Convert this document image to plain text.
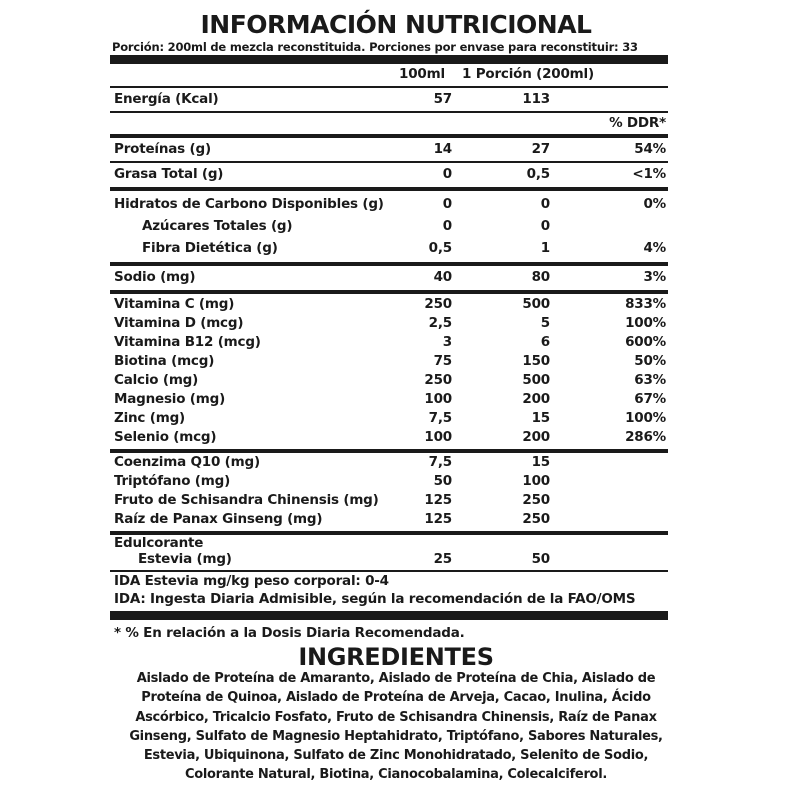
INFORMACIÓN NUTRICIONAL
Porción: 200ml de mezcla reconstituida. Porciones por envase para reconstituir: 33
100ml 1 Porción (200ml)
Energía (Kcal)	57	113
% DDR*
Proteínas (g)	14	27	54%
Grasa Total (g)	0	0,5	<1%
Hidratos de Carbono Disponibles (g)	0	0	0%
Azúcares Totales (g)	0	0
Fibra Dietética (g)	0,5	1	4%
Sodio (mg)	40	80	3%
Vitamina C (mg)	250	500	833%
Vitamina D (mcg)	2,5	5	100%
Vitamina B12 (mcg)	3	6	600%
Biotina (mcg)	75	150	50%
Calcio (mg)	250	500	63%
Magnesio (mg)	100	200	67%
Zinc (mg)	7,5	15	100%
Selenio (mcg)	100	200	286%
Coenzima Q10 (mg)	7,5	15
Triptófano (mg)	50	100
Fruto de Schisandra Chinensis (mg)	125	250
Raíz de Panax Ginseng (mg)	125	250
Edulcorante
Estevia (mg)	25	50
IDA Estevia mg/kg peso corporal: 0-4
IDA: Ingesta Diaria Admisible, según la recomendación de la FAO/OMS
* % En relación a la Dosis Diaria Recomendada.
INGREDIENTES
Aislado de Proteína de Amaranto, Aislado de Proteína de Chia, Aislado de
Proteína de Quinoa, Aislado de Proteína de Arveja, Cacao, Inulina, Ácido
Ascórbico, Tricalcio Fosfato, Fruto de Schisandra Chinensis, Raíz de Panax
Ginseng, Sulfato de Magnesio Heptahidrato, Triptófano, Sabores Naturales,
Estevia, Ubiquinona, Sulfato de Zinc Monohidratado, Selenito de Sodio,
Colorante Natural, Biotina, Cianocobalamina, Colecalciferol.
